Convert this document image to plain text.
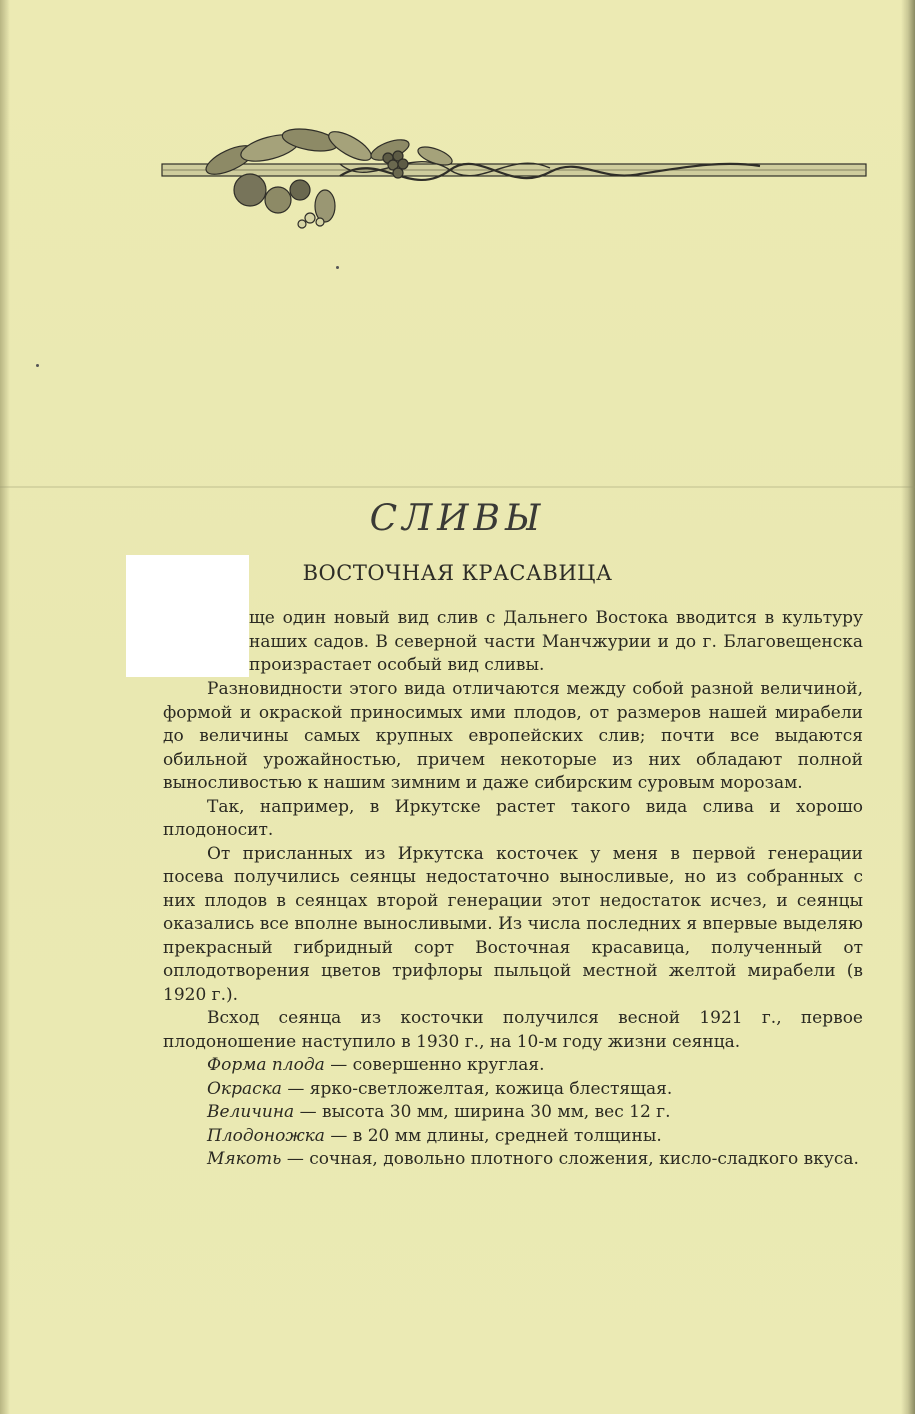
СЛИВЫ
ВОСТОЧНАЯ КРАСАВИЦА
ще один новый вид слив с Дальнего Востока вводится в культуру наших садов. В северной части Манчжурии и до г. Благовещенска произрастает особый вид сливы.

Разновидности этого вида отличаются между собой разной величиной, формой и окраской приносимых ими плодов, от размеров нашей мирабели до величины самых крупных европейских слив; почти все выдаются обильной урожайностью, причем некоторые из них обладают полной выносливостью к нашим зимним и даже сибирским суровым морозам.

Так, например, в Иркутске растет такого вида слива и хорошо плодоносит.

От присланных из Иркутска косточек у меня в первой генерации посева получились сеянцы недостаточно выносливые, но из собранных с них плодов в сеянцах второй генерации этот недостаток исчез, и сеянцы оказались все вполне выносливыми. Из числа последних я впервые выделяю прекрасный гибридный сорт Восточная красавица, полученный от оплодотворения цветов трифлоры пыльцой местной желтой мирабели (в 1920 г.).

Всход сеянца из косточки получился весной 1921 г., первое плодоношение наступило в 1930 г., на 10-м году жизни сеянца.

Форма плода — совершенно круглая.

Окраска — ярко-светложелтая, кожица блестящая.

Величина — высота 30 мм, ширина 30 мм, вес 12 г.

Плодоножка — в 20 мм длины, средней толщины.

Мякоть — сочная, довольно плотного сложения, кисло-сладкого вкуса.
